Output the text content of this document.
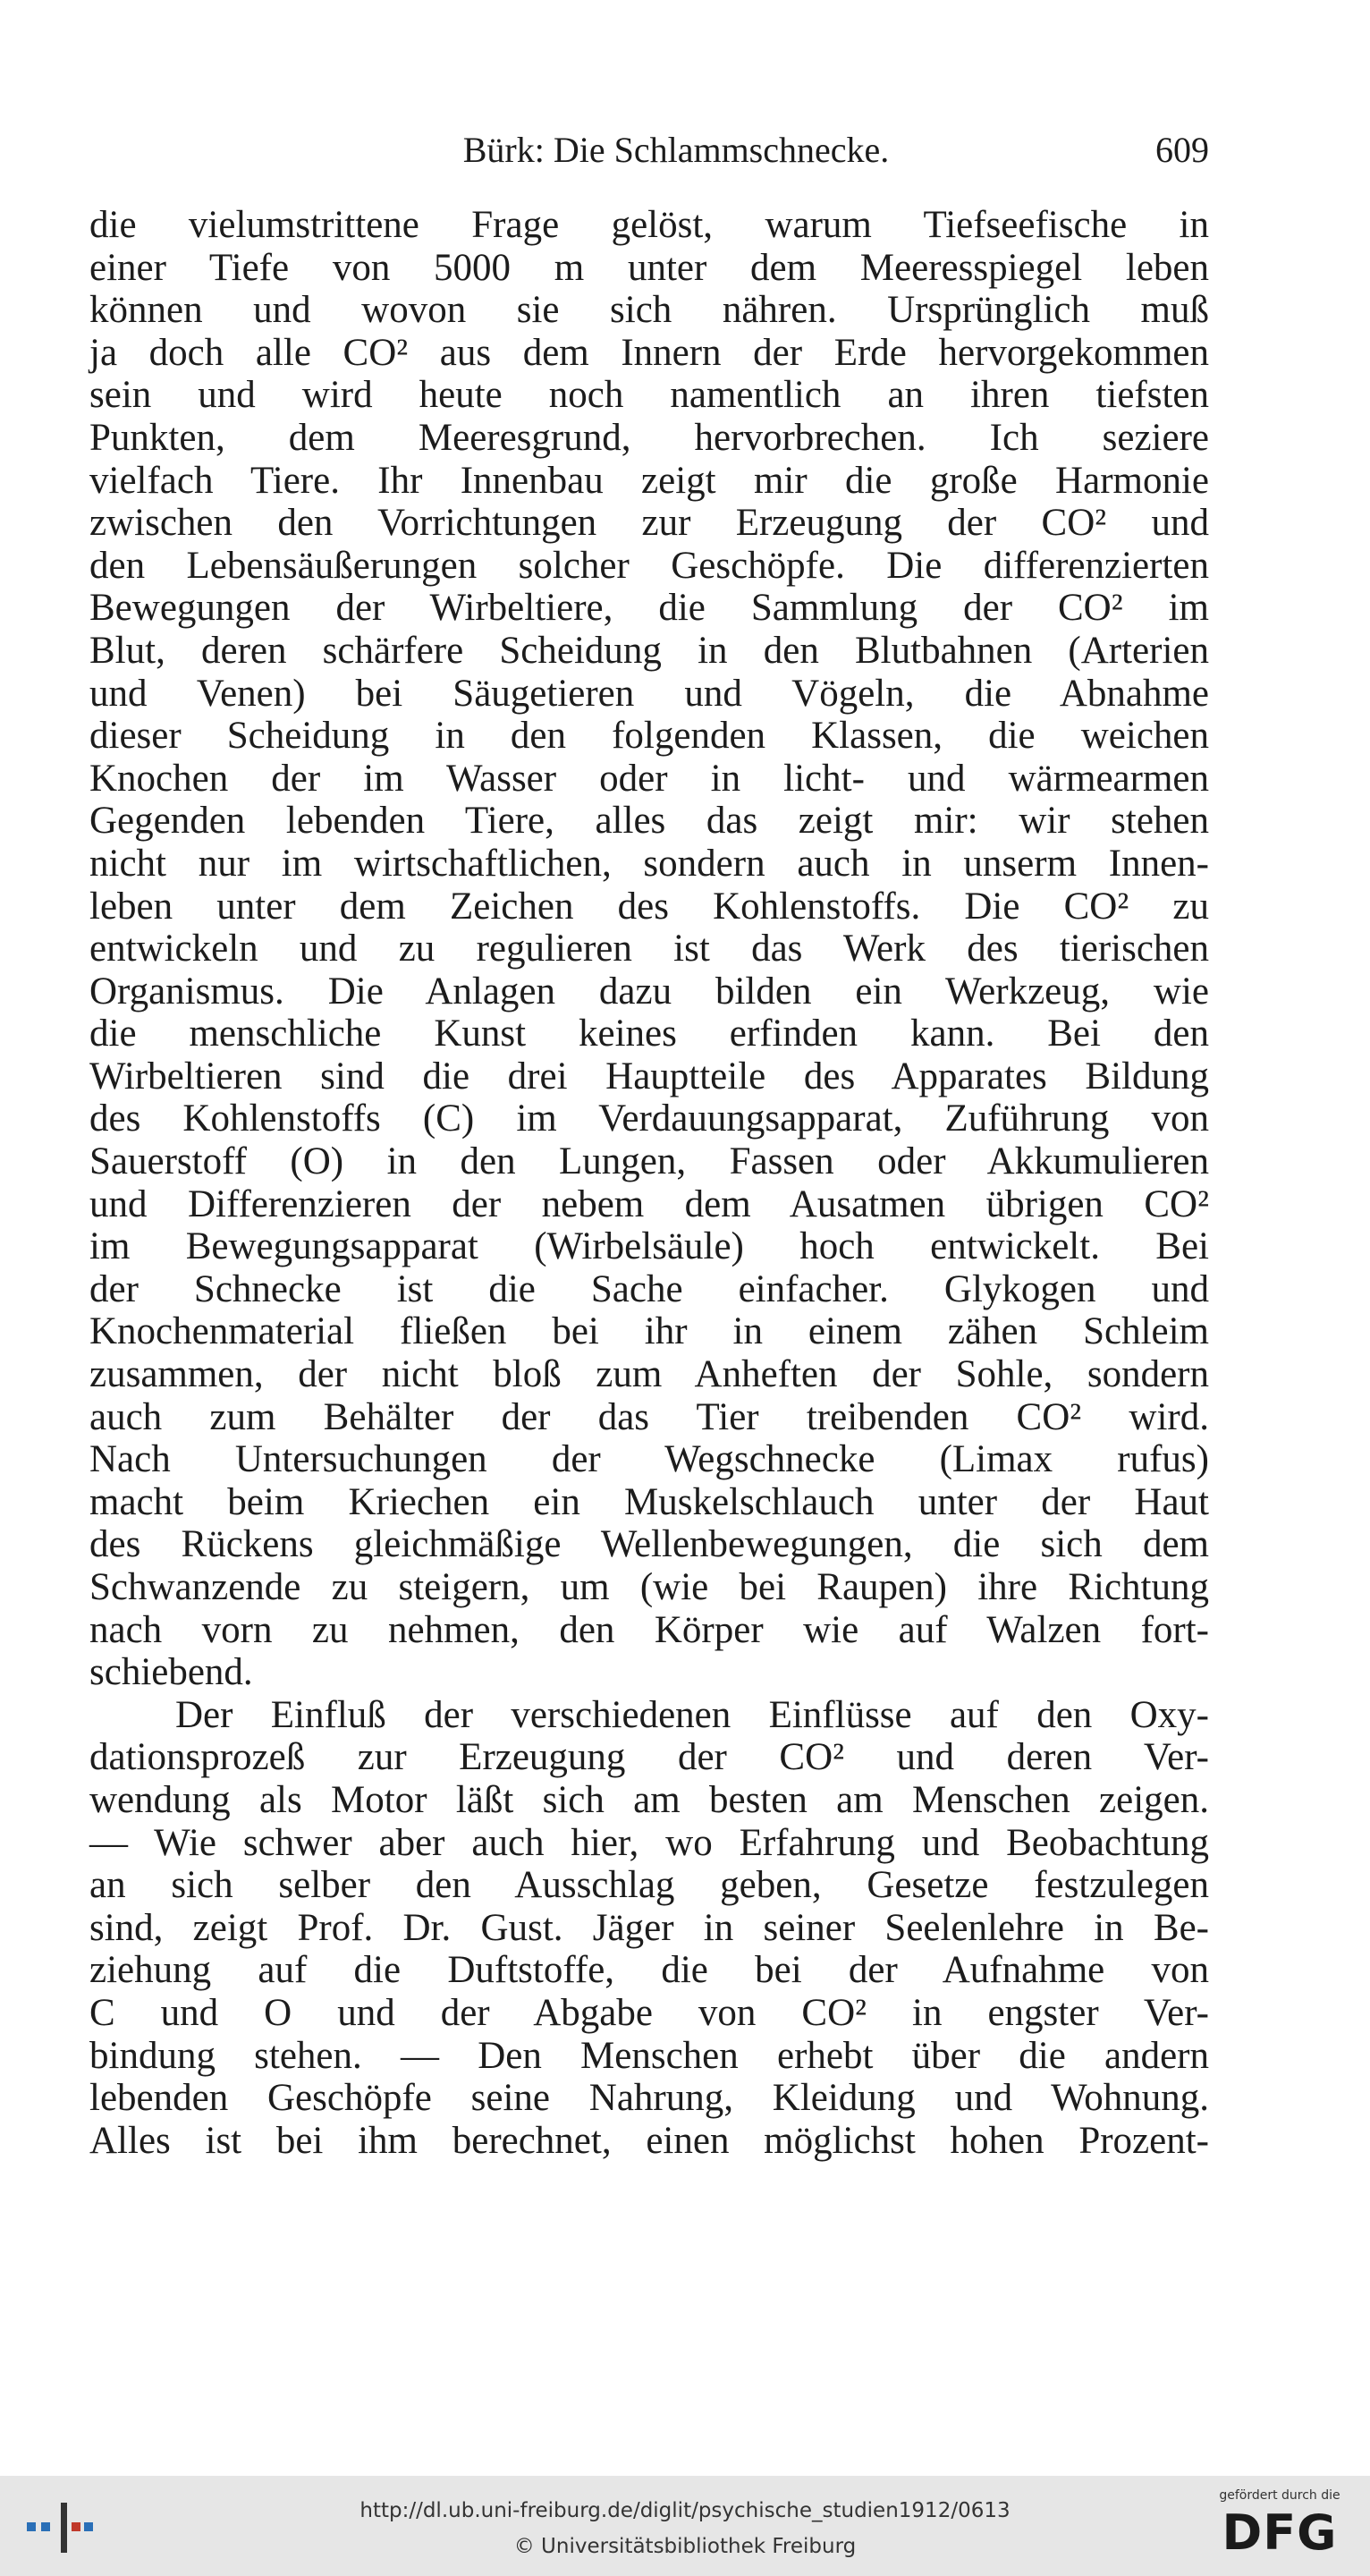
Bürk: Die Schlammschnecke.	609
die vielumstrittene Frage gelöst, warum Tiefseefische in
einer Tiefe von 5000 m unter dem Meeresspiegel leben
können und wovon sie sich nähren. Ursprünglich muß
ja doch alle CO² aus dem Innern der Erde hervorgekommen
sein und wird heute noch namentlich an ihren tiefsten
Punkten, dem Meeresgrund, hervorbrechen. Ich seziere
vielfach Tiere. Ihr Innenbau zeigt mir die große Harmonie
zwischen den Vorrichtungen zur Erzeugung der CO² und
den Lebensäußerungen solcher Geschöpfe. Die differenzierten
Bewegungen der Wirbeltiere, die Sammlung der CO² im
Blut, deren schärfere Scheidung in den Blutbahnen (Arterien
und Venen) bei Säugetieren und Vögeln, die Abnahme
dieser Scheidung in den folgenden Klassen, die weichen
Knochen der im Wasser oder in licht- und wärmearmen
Gegenden lebenden Tiere, alles das zeigt mir: wir stehen
nicht nur im wirtschaftlichen, sondern auch in unserm Innen-
leben unter dem Zeichen des Kohlenstoffs. Die CO² zu
entwickeln und zu regulieren ist das Werk des tierischen
Organismus. Die Anlagen dazu bilden ein Werkzeug, wie
die menschliche Kunst keines erfinden kann. Bei den
Wirbeltieren sind die drei Hauptteile des Apparates Bildung
des Kohlenstoffs (C) im Verdauungsapparat, Zuführung von
Sauerstoff (O) in den Lungen, Fassen oder Akkumulieren
und Differenzieren der nebem dem Ausatmen übrigen CO²
im Bewegungsapparat (Wirbelsäule) hoch entwickelt. Bei
der Schnecke ist die Sache einfacher. Glykogen und
Knochenmaterial fließen bei ihr in einem zähen Schleim
zusammen, der nicht bloß zum Anheften der Sohle, sondern
auch zum Behälter der das Tier treibenden CO² wird.
Nach Untersuchungen der Wegschnecke (Limax rufus)
macht beim Kriechen ein Muskelschlauch unter der Haut
des Rückens gleichmäßige Wellenbewegungen, die sich dem
Schwanzende zu steigern, um (wie bei Raupen) ihre Richtung
nach vorn zu nehmen, den Körper wie auf Walzen fort-
schiebend.
Der Einfluß der verschiedenen Einflüsse auf den Oxy-
dationsprozeß zur Erzeugung der CO² und deren Ver-
wendung als Motor läßt sich am besten am Menschen zeigen.
— Wie schwer aber auch hier, wo Erfahrung und Beobachtung
an sich selber den Ausschlag geben, Gesetze festzulegen
sind, zeigt Prof. Dr. Gust. Jäger in seiner Seelenlehre in Be-
ziehung auf die Duftstoffe, die bei der Aufnahme von
C und O und der Abgabe von CO² in engster Ver-
bindung stehen. — Den Menschen erhebt über die andern
lebenden Geschöpfe seine Nahrung, Kleidung und Wohnung.
Alles ist bei ihm berechnet, einen möglichst hohen Prozent-
http://dl.ub.uni-freiburg.de/diglit/psychische_studien1912/0613
© Universitätsbibliothek Freiburg
gefördert durch die
DFG
